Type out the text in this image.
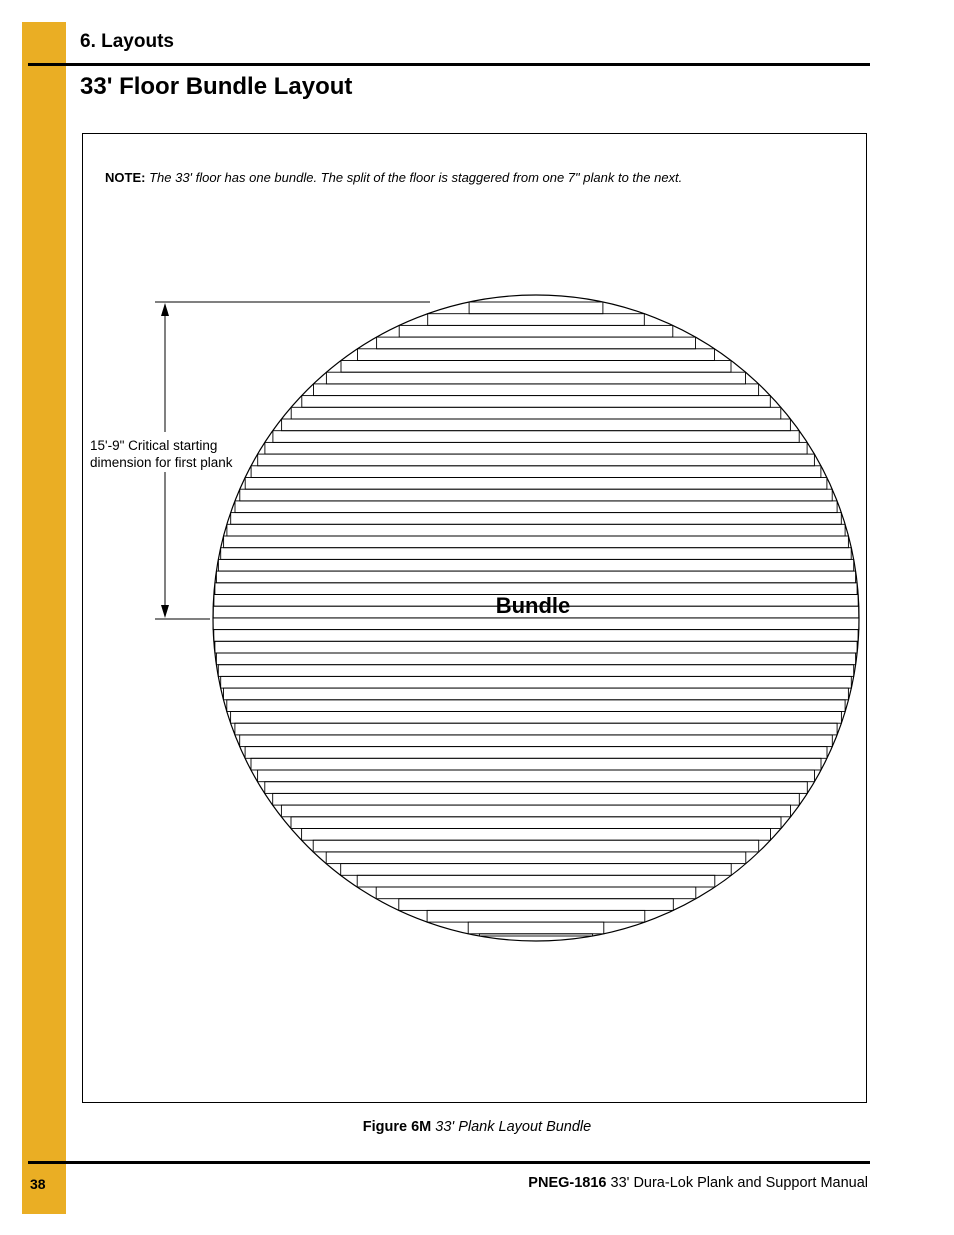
6. Layouts
33' Floor Bundle Layout
NOTE: The 33' floor has one bundle. The split of the floor is staggered from one 7" plank to the next.
15'-9" Critical starting
dimension for first plank
Bundle
Figure 6M 33' Plank Layout Bundle
38	PNEG-1816 33' Dura-Lok Plank and Support Manual
